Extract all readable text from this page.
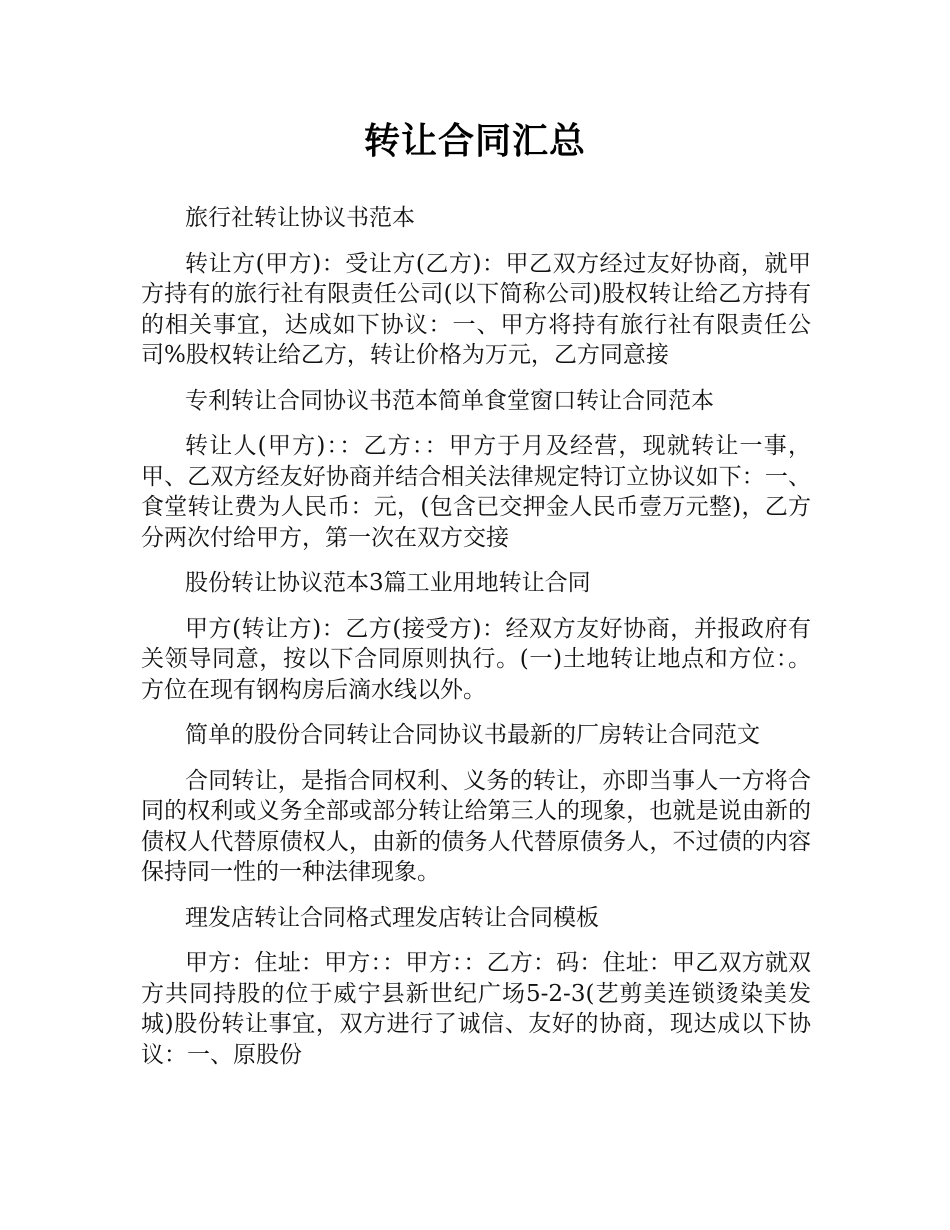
转让合同汇总

旅行社转让协议书范本

转让方(甲方)：受让方(乙方)：甲乙双方经过友好协商，就甲方持有的旅行社有限责任公司(以下简称公司)股权转让给乙方持有的相关事宜，达成如下协议：一、甲方将持有旅行社有限责任公司%股权转让给乙方，转让价格为万元，乙方同意接

专利转让合同协议书范本简单食堂窗口转让合同范本

转让人(甲方)：：乙方：：甲方于月及经营，现就转让一事，甲、乙双方经友好协商并结合相关法律规定特订立协议如下：一、食堂转让费为人民币：元，(包含已交押金人民币壹万元整)，乙方分两次付给甲方，第一次在双方交接

股份转让协议范本3篇工业用地转让合同

甲方(转让方)：乙方(接受方)：经双方友好协商，并报政府有关领导同意，按以下合同原则执行。(一)土地转让地点和方位：。方位在现有钢构房后滴水线以外。

简单的股份合同转让合同协议书最新的厂房转让合同范文

合同转让，是指合同权利、义务的转让，亦即当事人一方将合同的权利或义务全部或部分转让给第三人的现象，也就是说由新的债权人代替原债权人，由新的债务人代替原债务人，不过债的内容保持同一性的一种法律现象。

理发店转让合同格式理发店转让合同模板

甲方：住址：甲方：：甲方：：乙方：码：住址：甲乙双方就双方共同持股的位于威宁县新世纪广场5-2-3(艺剪美连锁烫染美发城)股份转让事宜，双方进行了诚信、友好的协商，现达成以下协议：一、原股份
